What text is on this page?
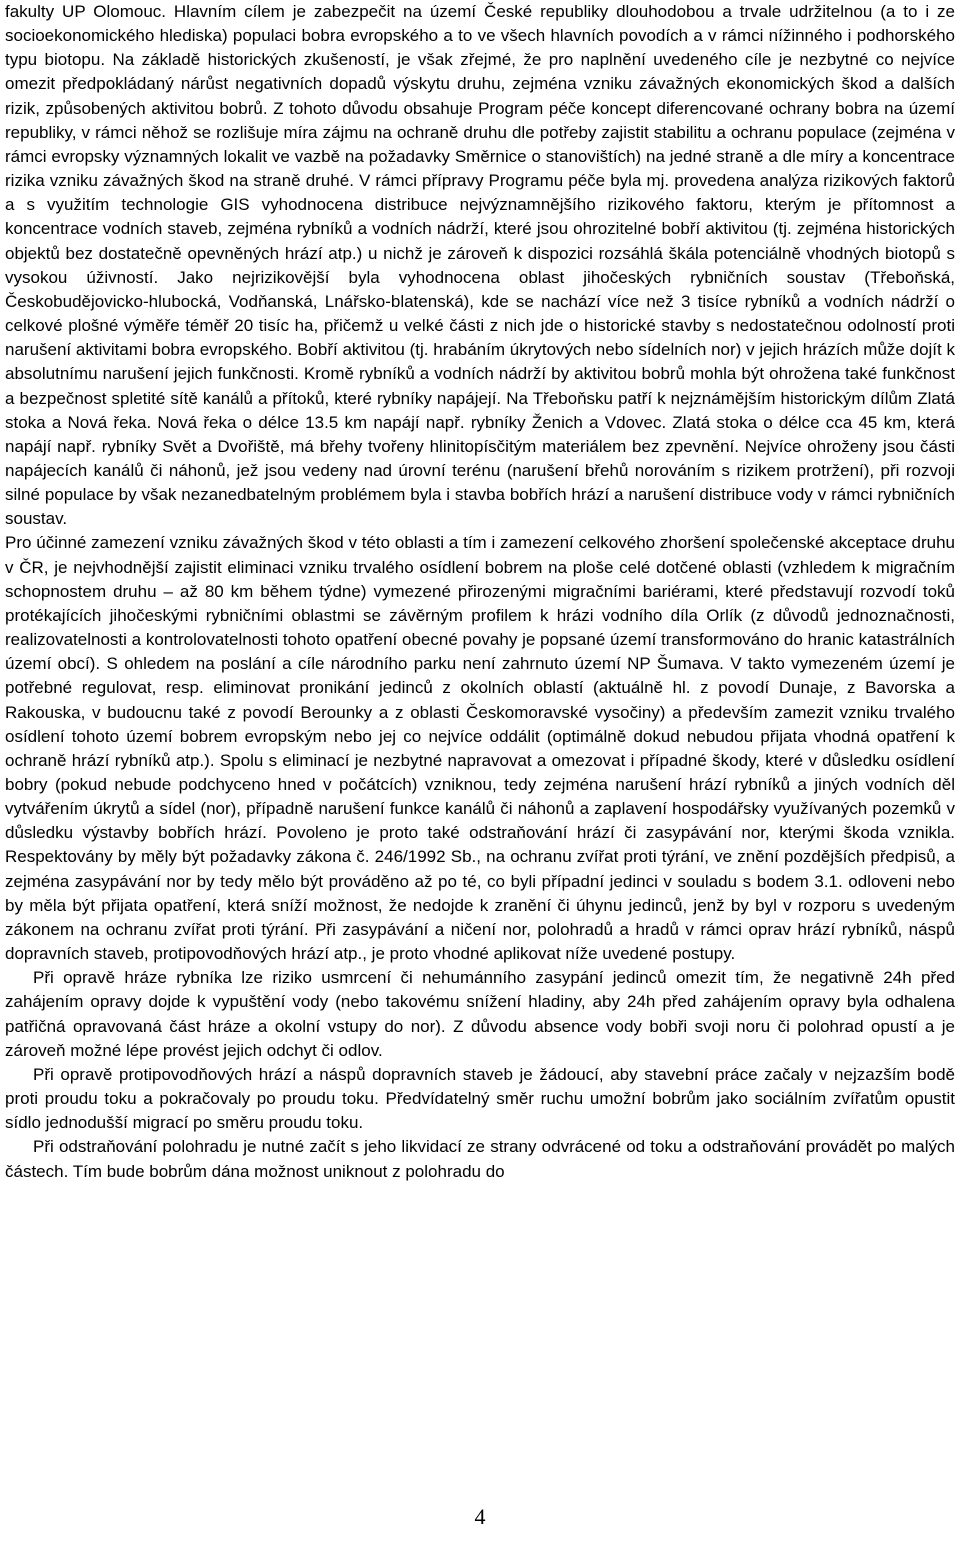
fakulty UP Olomouc. Hlavním cílem je zabezpečit na území České republiky dlouhodobou a trvale udržitelnou (a to i ze socioekonomického hlediska) populaci bobra evropského a to ve všech hlavních povodích a v rámci nížinného i podhorského typu biotopu. Na základě historických zkušeností, je však zřejmé, že pro naplnění uvedeného cíle je nezbytné co nejvíce omezit předpokládaný nárůst negativních dopadů výskytu druhu, zejména vzniku závažných ekonomických škod a dalších rizik, způsobených aktivitou bobrů. Z tohoto důvodu obsahuje Program péče koncept diferencované ochrany bobra na území republiky, v rámci něhož se rozlišuje míra zájmu na ochraně druhu dle potřeby zajistit stabilitu a ochranu populace (zejména v rámci evropsky významných lokalit ve vazbě na požadavky Směrnice o stanovištích) na jedné straně a dle míry a koncentrace rizika vzniku závažných škod na straně druhé. V rámci přípravy Programu péče byla mj. provedena analýza rizikových faktorů a s využitím technologie GIS vyhodnocena distribuce nejvýznamnějšího rizikového faktoru, kterým je přítomnost a koncentrace vodních staveb, zejména rybníků a vodních nádrží, které jsou ohrozitelné bobří aktivitou (tj. zejména historických objektů bez dostatečně opevněných hrází atp.) u nichž je zároveň k dispozici rozsáhlá škála potenciálně vhodných biotopů s vysokou úživností. Jako nejrizikovější byla vyhodnocena oblast jihočeských rybničních soustav (Třeboňská, Českobudějovicko-hlubocká, Vodňanská, Lnářsko-blatenská), kde se nachází více než 3 tisíce rybníků a vodních nádrží o celkové plošné výměře téměř 20 tisíc ha, přičemž u velké části z nich jde o historické stavby s nedostatečnou odolností proti narušení aktivitami bobra evropského. Bobří aktivitou (tj. hrabáním úkrytových nebo sídelních nor) v jejich hrázích může dojít k absolutnímu narušení jejich funkčnosti. Kromě rybníků a vodních nádrží by aktivitou bobrů mohla být ohrožena také funkčnost a bezpečnost spletité sítě kanálů a přítoků, které rybníky napájejí. Na Třeboňsku patří k nejznámějším historickým dílům Zlatá stoka a Nová řeka. Nová řeka o délce 13.5 km napájí např. rybníky Ženich a Vdovec. Zlatá stoka o délce cca 45 km, která napájí např. rybníky Svět a Dvořiště, má břehy tvořeny hlinitopísčitým materiálem bez zpevnění. Nejvíce ohroženy jsou části napájecích kanálů či náhonů, jež jsou vedeny nad úrovní terénu (narušení břehů norováním s rizikem protržení), při rozvoji silné populace by však nezanedbatelným problémem byla i stavba bobřích hrází a narušení distribuce vody v rámci rybničních soustav.

Pro účinné zamezení vzniku závažných škod v této oblasti a tím i zamezení celkového zhoršení společenské akceptace druhu v ČR, je nejvhodnější zajistit eliminaci vzniku trvalého osídlení bobrem na ploše celé dotčené oblasti (vzhledem k migračním schopnostem druhu – až 80 km během týdne) vymezené přirozenými migračními bariérami, které představují rozvodí toků protékajících jihočeskými rybničními oblastmi se závěrným profilem k hrázi vodního díla Orlík (z důvodů jednoznačnosti, realizovatelnosti a kontrolovatelnosti tohoto opatření obecné povahy je popsané území transformováno do hranic katastrálních území obcí). S ohledem na poslání a cíle národního parku není zahrnuto území NP Šumava. V takto vymezeném území je potřebné regulovat, resp. eliminovat pronikání jedinců z okolních oblastí (aktuálně hl. z povodí Dunaje, z Bavorska a Rakouska, v budoucnu také z povodí Berounky a z oblasti Českomoravské vysočiny) a především zamezit vzniku trvalého osídlení tohoto území bobrem evropským nebo jej co nejvíce oddálit (optimálně dokud nebudou přijata vhodná opatření k ochraně hrází rybníků atp.). Spolu s eliminací je nezbytné napravovat a omezovat i případné škody, které v důsledku osídlení bobry (pokud nebude podchyceno hned v počátcích) vzniknou, tedy zejména narušení hrází rybníků a jiných vodních děl vytvářením úkrytů a sídel (nor), případně narušení funkce kanálů či náhonů a zaplavení hospodářsky využívaných pozemků v důsledku výstavby bobřích hrází. Povoleno je proto také odstraňování hrází či zasypávání nor, kterými škoda vznikla. Respektovány by měly být požadavky zákona č. 246/1992 Sb., na ochranu zvířat proti týrání, ve znění pozdějších předpisů, a zejména zasypávání nor by tedy mělo být prováděno až po té, co byli případní jedinci v souladu s bodem 3.1. odloveni nebo by měla být přijata opatření, která sníží možnost, že nedojde k zranění či úhynu jedinců, jenž by byl v rozporu s uvedeným zákonem na ochranu zvířat proti týrání. Při zasypávání a ničení nor, polohradů a hradů v rámci oprav hrází rybníků, náspů dopravních staveb, protipovodňových hrází atp., je proto vhodné aplikovat níže uvedené postupy.

Při opravě hráze rybníka lze riziko usmrcení či nehumánního zasypání jedinců omezit tím, že negativně 24h před zahájením opravy dojde k vypuštění vody (nebo takovému snížení hladiny, aby 24h před zahájením opravy byla odhalena patřičná opravovaná část hráze a okolní vstupy do nor). Z důvodu absence vody bobři svoji noru či polohrad opustí a je zároveň možné lépe provést jejich odchyt či odlov.

Při opravě protipovodňových hrází a náspů dopravních staveb je žádoucí, aby stavební práce začaly v nejzazším bodě proti proudu toku a pokračovaly po proudu toku. Předvídatelný směr ruchu umožní bobrům jako sociálním zvířatům opustit sídlo jednodušší migrací po směru proudu toku.

Při odstraňování polohradu je nutné začít s jeho likvidací ze strany odvrácené od toku a odstraňování provádět po malých částech. Tím bude bobrům dána možnost uniknout z polohradu do

4
